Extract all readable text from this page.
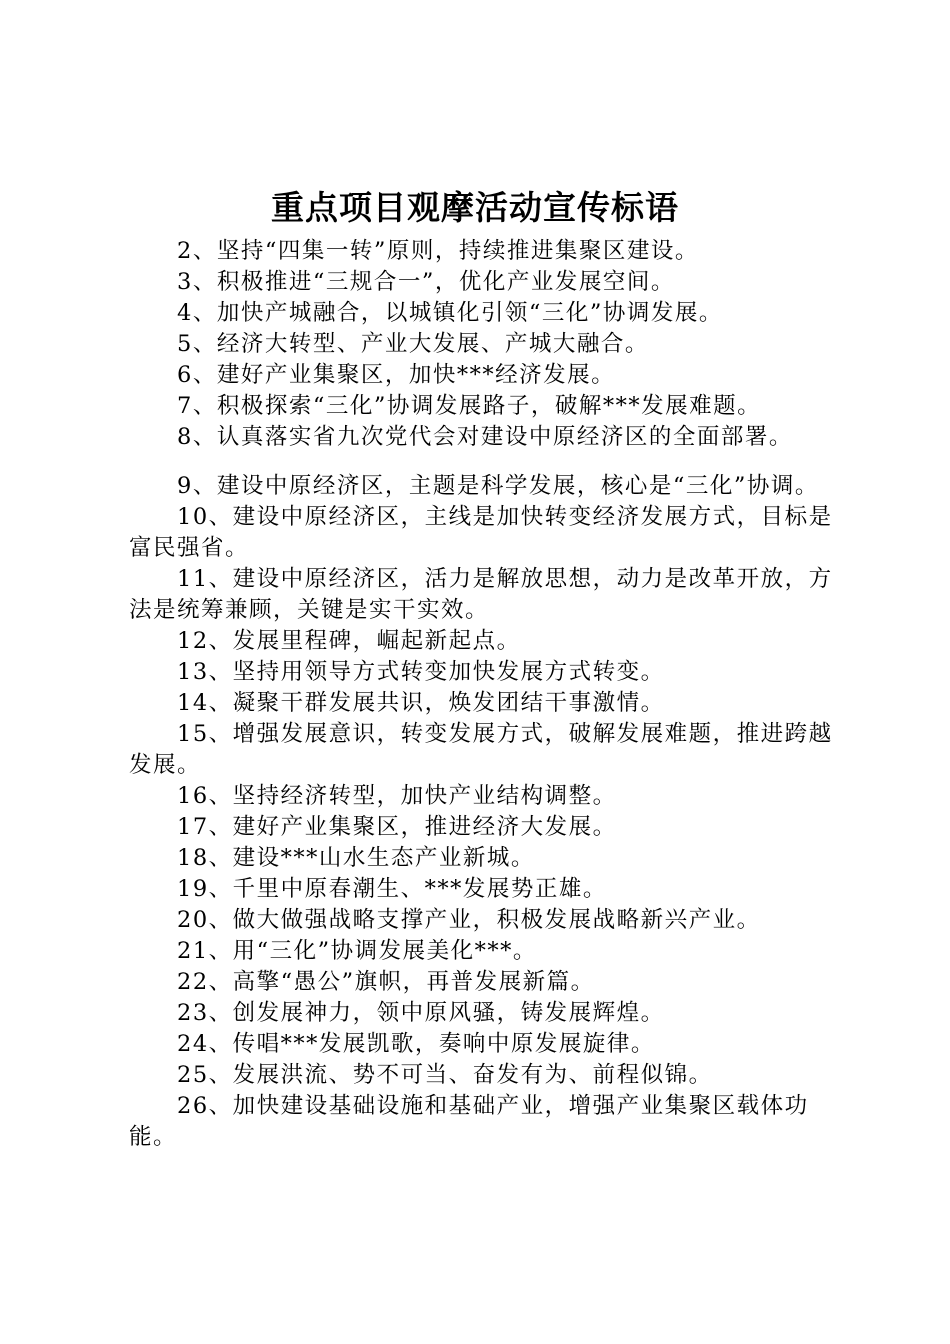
重点项目观摩活动宣传标语

2、坚持“四集一转”原则，持续推进集聚区建设。

3、积极推进“三规合一”，优化产业发展空间。

4、加快产城融合，以城镇化引领“三化”协调发展。

5、经济大转型、产业大发展、产城大融合。

6、建好产业集聚区，加快***经济发展。

7、积极探索“三化”协调发展路子，破解***发展难题。

8、认真落实省九次党代会对建设中原经济区的全面部署。

9、建设中原经济区，主题是科学发展，核心是“三化”协调。

10、建设中原经济区，主线是加快转变经济发展方式，目标是富民强省。

11、建设中原经济区，活力是解放思想，动力是改革开放，方法是统筹兼顾，关键是实干实效。

12、发展里程碑，崛起新起点。

13、坚持用领导方式转变加快发展方式转变。

14、凝聚干群发展共识，焕发团结干事激情。

15、增强发展意识，转变发展方式，破解发展难题，推进跨越发展。

16、坚持经济转型，加快产业结构调整。

17、建好产业集聚区，推进经济大发展。

18、建设***山水生态产业新城。

19、千里中原春潮生、***发展势正雄。

20、做大做强战略支撑产业，积极发展战略新兴产业。

21、用“三化”协调发展美化***。

22、高擎“愚公”旗帜，再普发展新篇。

23、创发展神力，领中原风骚，铸发展辉煌。

24、传唱***发展凯歌，奏响中原发展旋律。

25、发展洪流、势不可当、奋发有为、前程似锦。

26、加快建设基础设施和基础产业，增强产业集聚区载体功能。
